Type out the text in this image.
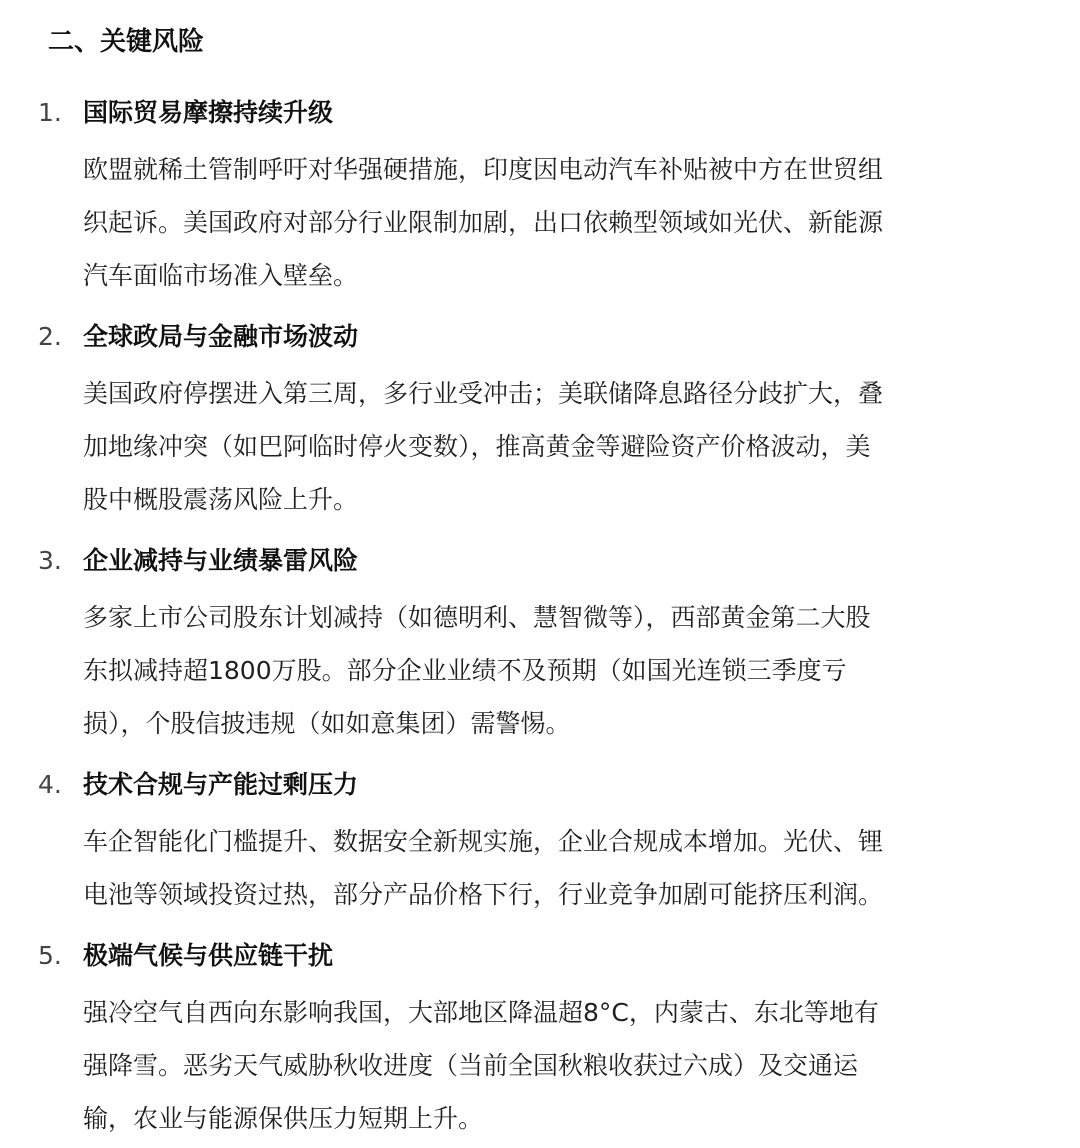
二、关键风险
1. 国际贸易摩擦持续升级

欧盟就稀土管制呼吁对华强硬措施，印度因电动汽车补贴被中方在世贸组
织起诉。美国政府对部分行业限制加剧，出口依赖型领域如光伏、新能源
汽车面临市场准入壁垒。

2. 全球政局与金融市场波动

美国政府停摆进入第三周，多行业受冲击；美联储降息路径分歧扩大，叠
加地缘冲突（如巴阿临时停火变数），推高黄金等避险资产价格波动，美
股中概股震荡风险上升。

3. 企业减持与业绩暴雷风险

多家上市公司股东计划减持（如德明利、慧智微等），西部黄金第二大股
东拟减持超1800万股。部分企业业绩不及预期（如国光连锁三季度亏
损），个股信披违规（如如意集团）需警惕。

4. 技术合规与产能过剩压力

车企智能化门槛提升、数据安全新规实施，企业合规成本增加。光伏、锂
电池等领域投资过热，部分产品价格下行，行业竞争加剧可能挤压利润。

5. 极端气候与供应链干扰

强冷空气自西向东影响我国，大部地区降温超8°C，内蒙古、东北等地有
强降雪。恶劣天气威胁秋收进度（当前全国秋粮收获过六成）及交通运
输，农业与能源保供压力短期上升。
